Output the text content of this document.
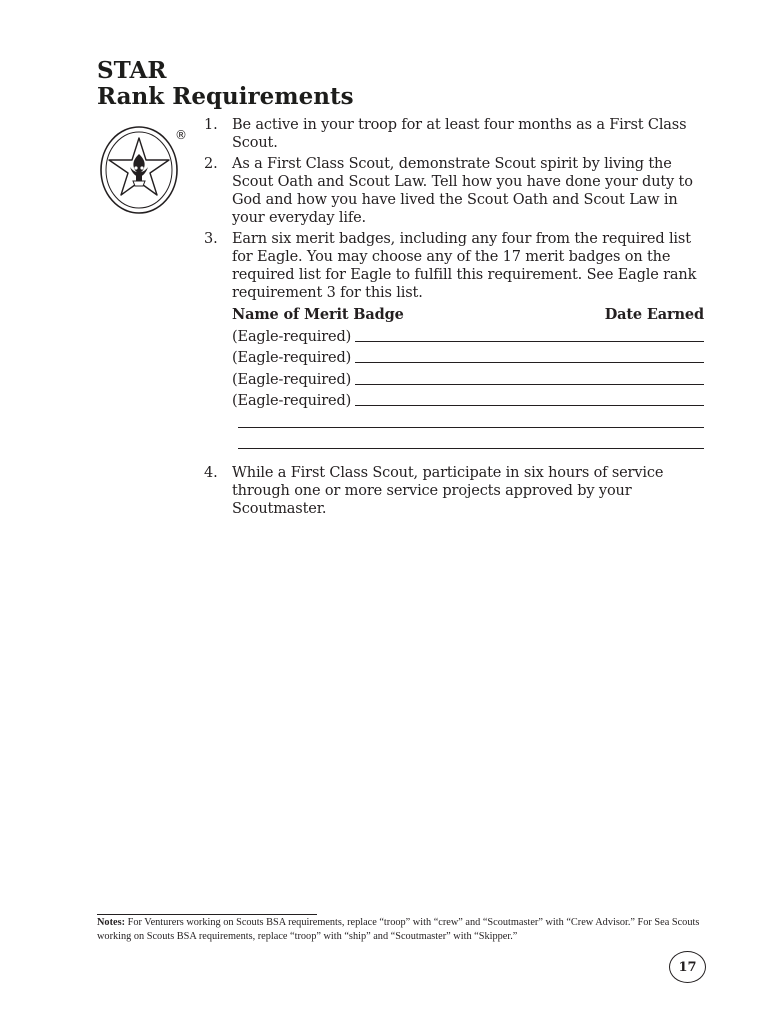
STAR
Rank Requirements
®
1. Be active in your troop for at least four months as a First Class Scout.
2. As a First Class Scout, demonstrate Scout spirit by living the Scout Oath and Scout Law. Tell how you have done your duty to God and how you have lived the Scout Oath and Scout Law in your everyday life.
3. Earn six merit badges, including any four from the required list for Eagle. You may choose any of the 17 merit badges on the required list for Eagle to fulfill this requirement. See Eagle rank requirement 3 for this list.
Name of Merit Badge	Date Earned
(Eagle-required)
(Eagle-required)
(Eagle-required)
(Eagle-required)
4. While a First Class Scout, participate in six hours of service through one or more service projects approved by your Scoutmaster.

Notes: For Venturers working on Scouts BSA requirements, replace “troop” with “crew” and “Scoutmaster” with “Crew Advisor.” For Sea Scouts working on Scouts BSA requirements, replace “troop” with “ship” and “Scoutmaster” with “Skipper.”

17
